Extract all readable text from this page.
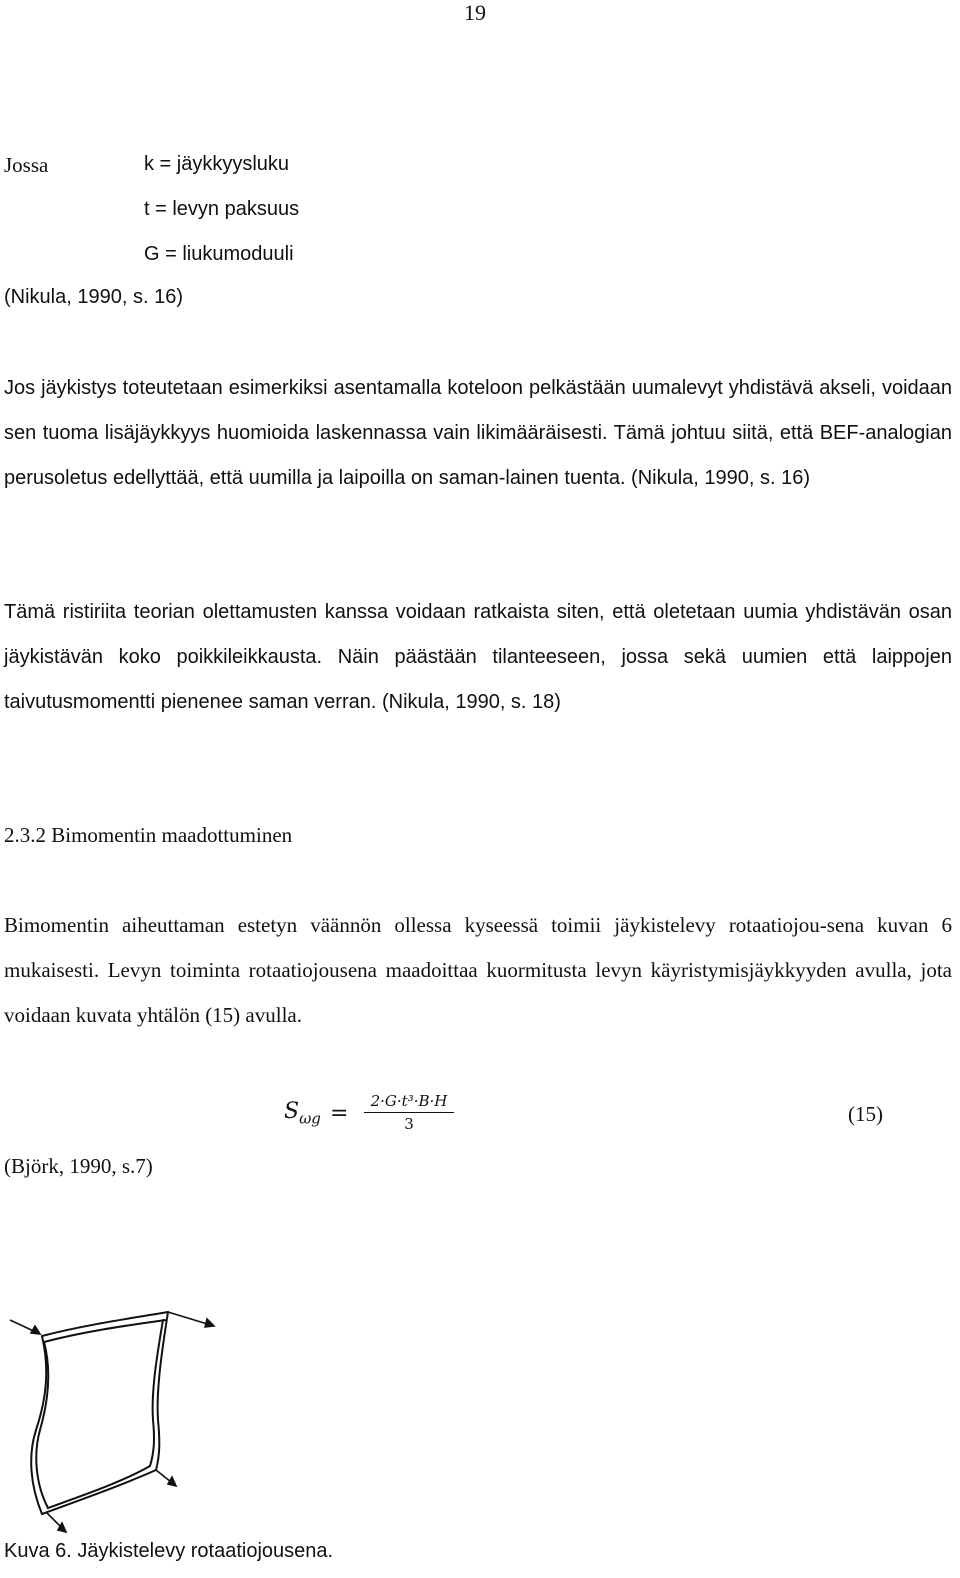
19
Jossa	k = jäykkyysluku
t = levyn paksuus
G = liukumoduuli
(Nikula, 1990, s. 16)

Jos jäykistys toteutetaan esimerkiksi asentamalla koteloon pelkästään uumalevyt yhdistävä akseli, voidaan sen tuoma lisäjäykkyys huomioida laskennassa vain likimääräisesti. Tämä johtuu siitä, että BEF-analogian perusoletus edellyttää, että uumilla ja laipoilla on saman-lainen tuenta. (Nikula, 1990, s. 16)

Tämä ristiriita teorian olettamusten kanssa voidaan ratkaista siten, että oletetaan uumia yhdistävän osan jäykistävän koko poikkileikkausta. Näin päästään tilanteeseen, jossa sekä uumien että laippojen taivutusmomentti pienenee saman verran. (Nikula, 1990, s. 18)

2.3.2 Bimomentin maadottuminen

Bimomentin aiheuttaman estetyn väännön ollessa kyseessä toimii jäykistelevy rotaatiojou-sena kuvan 6 mukaisesti. Levyn toiminta rotaatiojousena maadoittaa kuormitusta levyn käyristymisjäykkyyden avulla, jota voidaan kuvata yhtälön (15) avulla.

$S_{\omega g} = \frac{\text{2·G·t³·B·H}}{3}$	(15)
(Björk, 1990, s.7)
Kuva 6. Jäykistelevy rotaatiojousena.
